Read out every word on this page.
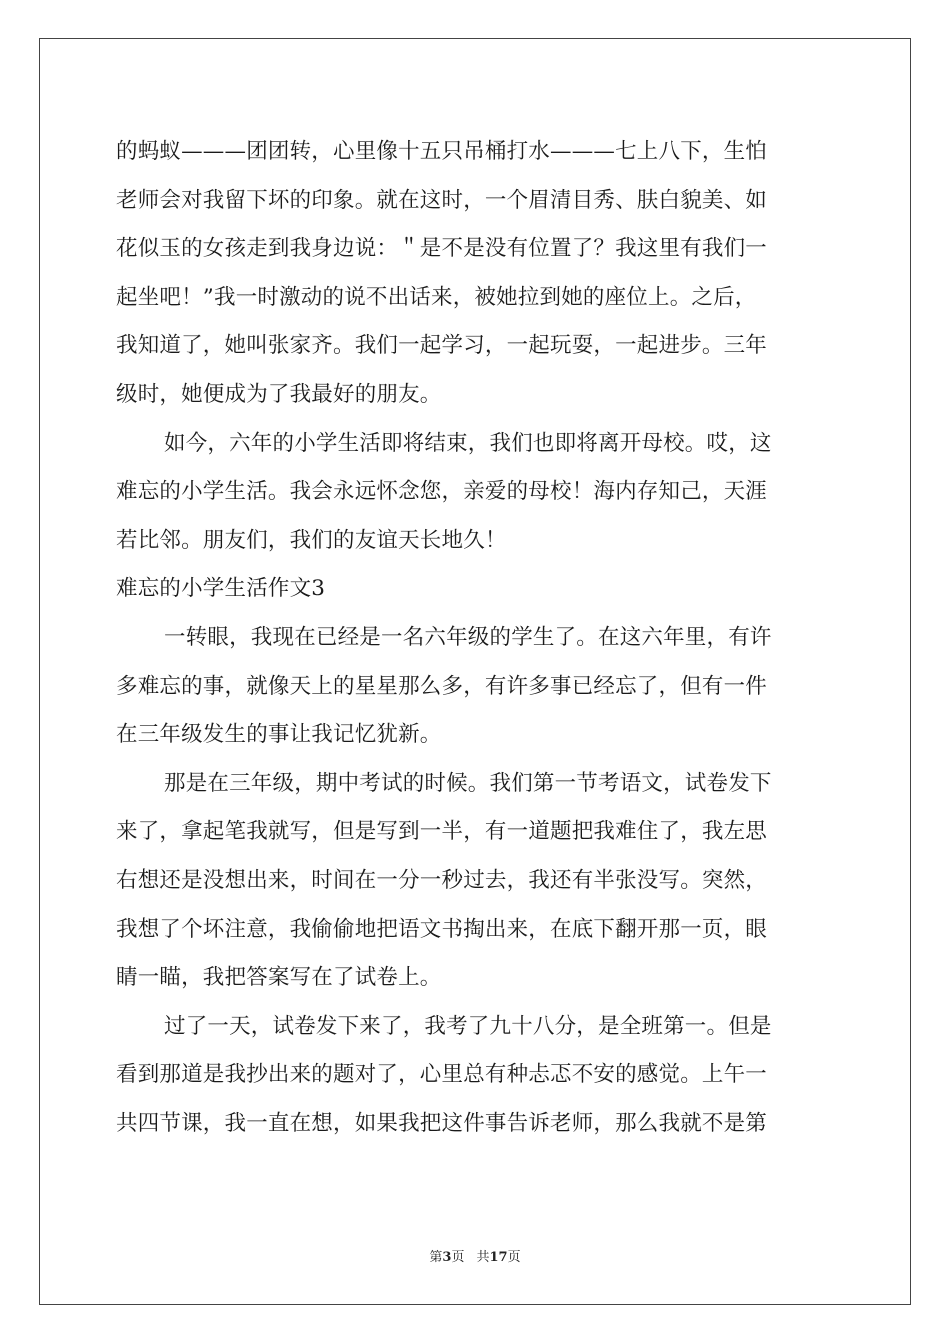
的蚂蚁———团团转，心里像十五只吊桶打水———七上八下，生怕
老师会对我留下坏的印象。就在这时，一个眉清目秀、肤白貌美、如
花似玉的女孩走到我身边说：＂是不是没有位置了？我这里有我们一
起坐吧！”我一时激动的说不出话来，被她拉到她的座位上。之后，
我知道了，她叫张家齐。我们一起学习，一起玩耍，一起进步。三年
级时，她便成为了我最好的朋友。
如今，六年的小学生活即将结束，我们也即将离开母校。哎，这
难忘的小学生活。我会永远怀念您，亲爱的母校！海内存知己，天涯
若比邻。朋友们，我们的友谊天长地久！
难忘的小学生活作文3
一转眼，我现在已经是一名六年级的学生了。在这六年里，有许
多难忘的事，就像天上的星星那么多，有许多事已经忘了，但有一件
在三年级发生的事让我记忆犹新。
那是在三年级，期中考试的时候。我们第一节考语文，试卷发下
来了，拿起笔我就写，但是写到一半，有一道题把我难住了，我左思
右想还是没想出来，时间在一分一秒过去，我还有半张没写。突然，
我想了个坏注意，我偷偷地把语文书掏出来，在底下翻开那一页，眼
睛一瞄，我把答案写在了试卷上。
过了一天，试卷发下来了，我考了九十八分，是全班第一。但是
看到那道是我抄出来的题对了，心里总有种忐忑不安的感觉。上午一
共四节课，我一直在想，如果我把这件事告诉老师，那么我就不是第
第3页 共17页
